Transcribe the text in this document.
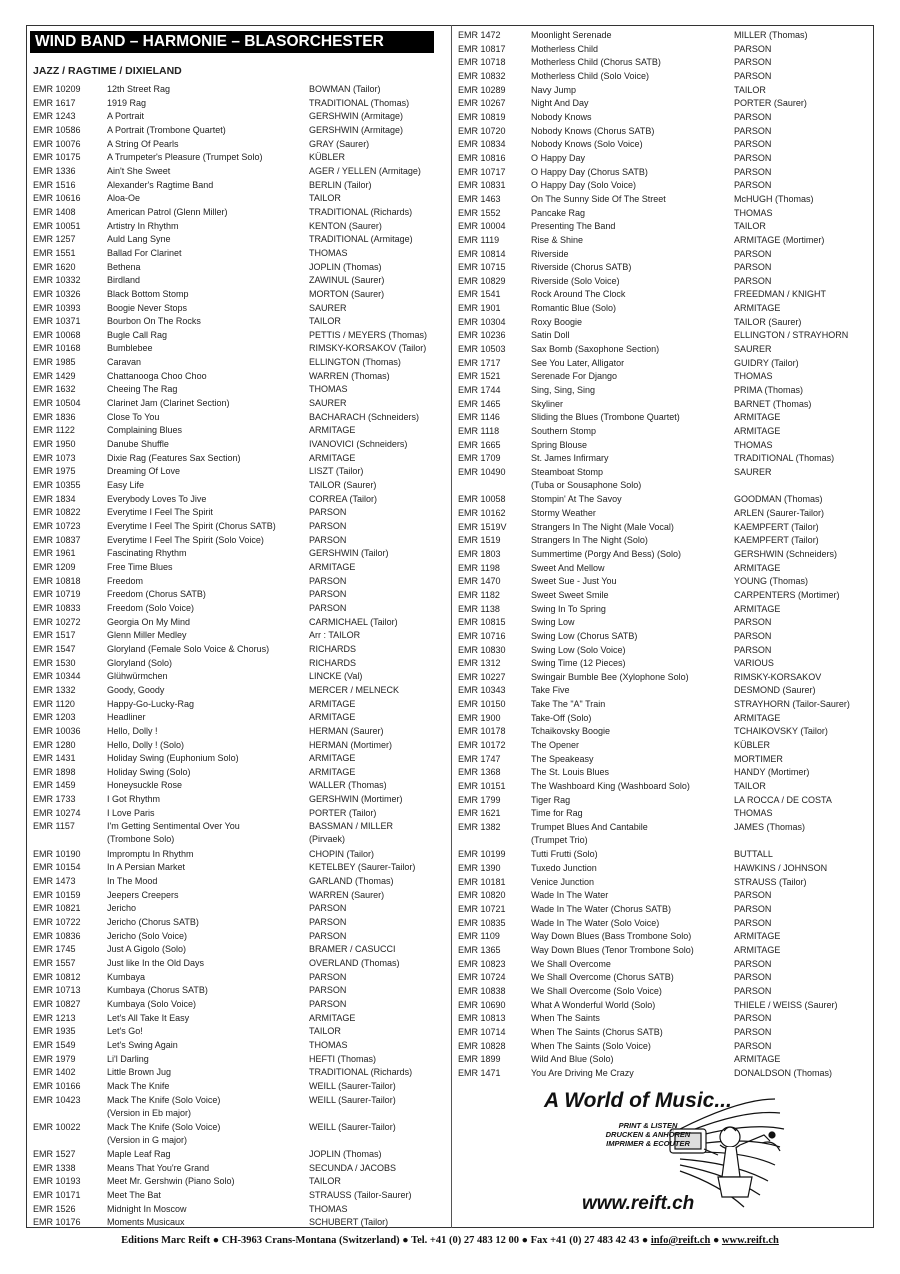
WIND BAND – HARMONIE – BLASORCHESTER
JAZZ / RAGTIME / DIXIELAND
EMR 10209	12th Street Rag	BOWMAN (Tailor)
EMR 1617	1919 Rag	TRADITIONAL (Thomas)
EMR 1243	A Portrait	GERSHWIN (Armitage)
EMR 10586	A Portrait (Trombone Quartet)	GERSHWIN (Armitage)
EMR 10076	A String Of Pearls	GRAY (Saurer)
EMR 10175	A Trumpeter's Pleasure (Trumpet Solo)	KÜBLER
EMR 1336	Ain't She Sweet	AGER / YELLEN (Armitage)
EMR 1516	Alexander's Ragtime Band	BERLIN (Tailor)
EMR 10616	Aloa-Oe	TAILOR
EMR 1408	American Patrol (Glenn Miller)	TRADITIONAL (Richards)
EMR 10051	Artistry In Rhythm	KENTON (Saurer)
EMR 1257	Auld Lang Syne	TRADITIONAL (Armitage)
EMR 1551	Ballad For Clarinet	THOMAS
EMR 1620	Bethena	JOPLIN (Thomas)
EMR 10332	Birdland	ZAWINUL (Saurer)
EMR 10326	Black Bottom Stomp	MORTON (Saurer)
EMR 10393	Boogie Never Stops	SAURER
EMR 10371	Bourbon On The Rocks	TAILOR
EMR 10068	Bugle Call Rag	PETTIS / MEYERS (Thomas)
EMR 10168	Bumblebee	RIMSKY-KORSAKOV (Tailor)
EMR 1985	Caravan	ELLINGTON (Thomas)
EMR 1429	Chattanooga Choo Choo	WARREN (Thomas)
EMR 1632	Cheeing The Rag	THOMAS
EMR 10504	Clarinet Jam (Clarinet Section)	SAURER
EMR 1836	Close To You	BACHARACH (Schneiders)
EMR 1122	Complaining Blues	ARMITAGE
EMR 1950	Danube Shuffle	IVANOVICI (Schneiders)
EMR 1073	Dixie Rag (Features Sax Section)	ARMITAGE
EMR 1975	Dreaming Of Love	LISZT (Tailor)
EMR 10355	Easy Life	TAILOR (Saurer)
EMR 1834	Everybody Loves To Jive	CORREA (Tailor)
EMR 10822	Everytime I Feel The Spirit	PARSON
EMR 10723	Everytime I Feel The Spirit (Chorus SATB)	PARSON
EMR 10837	Everytime I Feel The Spirit (Solo Voice)	PARSON
EMR 1961	Fascinating Rhythm	GERSHWIN (Tailor)
EMR 1209	Free Time Blues	ARMITAGE
EMR 10818	Freedom	PARSON
EMR 10719	Freedom (Chorus SATB)	PARSON
EMR 10833	Freedom (Solo Voice)	PARSON
EMR 10272	Georgia On My Mind	CARMICHAEL (Tailor)
EMR 1517	Glenn Miller Medley	Arr : TAILOR
EMR 1547	Gloryland (Female Solo Voice & Chorus)	RICHARDS
EMR 1530	Gloryland (Solo)	RICHARDS
EMR 10344	Glühwürmchen	LINCKE (Val)
EMR 1332	Goody, Goody	MERCER / MELNECK
EMR 1120	Happy-Go-Lucky-Rag	ARMITAGE
EMR 1203	Headliner	ARMITAGE
EMR 10036	Hello, Dolly !	HERMAN (Saurer)
EMR 1280	Hello, Dolly ! (Solo)	HERMAN (Mortimer)
EMR 1431	Holiday Swing (Euphonium Solo)	ARMITAGE
EMR 1898	Holiday Swing (Solo)	ARMITAGE
EMR 1459	Honeysuckle Rose	WALLER (Thomas)
EMR 1733	I Got Rhythm	GERSHWIN (Mortimer)
EMR 10274	I Love Paris	PORTER (Tailor)
EMR 1157	I'm Getting Sentimental Over You	BASSMAN / MILLER
(Trombone Solo)	(Pirvaek)
EMR 10190	Impromptu In Rhythm	CHOPIN (Tailor)
EMR 10154	In A Persian Market	KETELBEY (Saurer-Tailor)
EMR 1473	In The Mood	GARLAND (Thomas)
EMR 10159	Jeepers Creepers	WARREN (Saurer)
EMR 10821	Jericho	PARSON
EMR 10722	Jericho (Chorus SATB)	PARSON
EMR 10836	Jericho (Solo Voice)	PARSON
EMR 1745	Just A Gigolo (Solo)	BRAMER / CASUCCI
EMR 1557	Just like In the Old Days	OVERLAND (Thomas)
EMR 10812	Kumbaya	PARSON
EMR 10713	Kumbaya (Chorus SATB)	PARSON
EMR 10827	Kumbaya (Solo Voice)	PARSON
EMR 1213	Let's All Take It Easy	ARMITAGE
EMR 1935	Let's Go!	TAILOR
EMR 1549	Let's Swing Again	THOMAS
EMR 1979	Li'l Darling	HEFTI (Thomas)
EMR 1402	Little Brown Jug	TRADITIONAL (Richards)
EMR 10166	Mack The Knife	WEILL (Saurer-Tailor)
EMR 10423	Mack The Knife (Solo Voice)	WEILL (Saurer-Tailor)
(Version in Eb major)
EMR 10022	Mack The Knife (Solo Voice)	WEILL (Saurer-Tailor)
(Version in G major)
EMR 1527	Maple Leaf Rag	JOPLIN (Thomas)
EMR 1338	Means That You're Grand	SECUNDA / JACOBS
EMR 10193	Meet Mr. Gershwin (Piano Solo)	TAILOR
EMR 10171	Meet The Bat	STRAUSS (Tailor-Saurer)
EMR 1526	Midnight In Moscow	THOMAS
EMR 10176	Moments Musicaux	SCHUBERT (Tailor)
EMR 1472	Moonlight Serenade	MILLER (Thomas)
EMR 10817	Motherless Child	PARSON
EMR 10718	Motherless Child (Chorus SATB)	PARSON
EMR 10832	Motherless Child (Solo Voice)	PARSON
EMR 10289	Navy Jump	TAILOR
EMR 10267	Night And Day	PORTER (Saurer)
EMR 10819	Nobody Knows	PARSON
EMR 10720	Nobody Knows (Chorus SATB)	PARSON
EMR 10834	Nobody Knows (Solo Voice)	PARSON
EMR 10816	O Happy Day	PARSON
EMR 10717	O Happy Day (Chorus SATB)	PARSON
EMR 10831	O Happy Day (Solo Voice)	PARSON
EMR 1463	On The Sunny Side Of The Street	McHUGH (Thomas)
EMR 1552	Pancake Rag	THOMAS
EMR 10004	Presenting The Band	TAILOR
EMR 1119	Rise & Shine	ARMITAGE (Mortimer)
EMR 10814	Riverside	PARSON
EMR 10715	Riverside (Chorus SATB)	PARSON
EMR 10829	Riverside (Solo Voice)	PARSON
EMR 1541	Rock Around The Clock	FREEDMAN / KNIGHT
EMR 1901	Romantic Blue (Solo)	ARMITAGE
EMR 10304	Roxy Boogie	TAILOR (Saurer)
EMR 10236	Satin Doll	ELLINGTON / STRAYHORN
EMR 10503	Sax Bomb (Saxophone Section)	SAURER
EMR 1717	See You Later, Alligator	GUIDRY (Tailor)
EMR 1521	Serenade For Django	THOMAS
EMR 1744	Sing, Sing, Sing	PRIMA (Thomas)
EMR 1465	Skyliner	BARNET (Thomas)
EMR 1146	Sliding the Blues (Trombone Quartet)	ARMITAGE
EMR 1118	Southern Stomp	ARMITAGE
EMR 1665	Spring Blouse	THOMAS
EMR 1709	St. James Infirmary	TRADITIONAL (Thomas)
EMR 10490	Steamboat Stomp	SAURER
(Tuba or Sousaphone Solo)
EMR 10058	Stompin' At The Savoy	GOODMAN (Thomas)
EMR 10162	Stormy Weather	ARLEN (Saurer-Tailor)
EMR 1519V	Strangers In The Night (Male Vocal)	KAEMPFERT (Tailor)
EMR 1519	Strangers In The Night (Solo)	KAEMPFERT (Tailor)
EMR 1803	Summertime (Porgy And Bess) (Solo)	GERSHWIN (Schneiders)
EMR 1198	Sweet And Mellow	ARMITAGE
EMR 1470	Sweet Sue - Just You	YOUNG (Thomas)
EMR 1182	Sweet Sweet Smile	CARPENTERS (Mortimer)
EMR 1138	Swing In To Spring	ARMITAGE
EMR 10815	Swing Low	PARSON
EMR 10716	Swing Low (Chorus SATB)	PARSON
EMR 10830	Swing Low (Solo Voice)	PARSON
EMR 1312	Swing Time (12 Pieces)	VARIOUS
EMR 10227	Swingair Bumble Bee (Xylophone Solo)	RIMSKY-KORSAKOV
EMR 10343	Take Five	DESMOND (Saurer)
EMR 10150	Take The "A" Train	STRAYHORN (Tailor-Saurer)
EMR 1900	Take-Off (Solo)	ARMITAGE
EMR 10178	Tchaikovsky Boogie	TCHAIKOVSKY (Tailor)
EMR 10172	The Opener	KÜBLER
EMR 1747	The Speakeasy	MORTIMER
EMR 1368	The St. Louis Blues	HANDY (Mortimer)
EMR 10151	The Washboard King (Washboard Solo)	TAILOR
EMR 1799	Tiger Rag	LA ROCCA / DE COSTA
EMR 1621	Time for Rag	THOMAS
EMR 1382	Trumpet Blues And Cantabile	JAMES (Thomas)
(Trumpet Trio)
EMR 10199	Tutti Frutti (Solo)	BUTTALL
EMR 1390	Tuxedo Junction	HAWKINS / JOHNSON
EMR 10181	Venice Junction	STRAUSS (Tailor)
EMR 10820	Wade In The Water	PARSON
EMR 10721	Wade In The Water (Chorus SATB)	PARSON
EMR 10835	Wade In The Water (Solo Voice)	PARSON
EMR 1109	Way Down Blues (Bass Trombone Solo)	ARMITAGE
EMR 1365	Way Down Blues (Tenor Trombone Solo)	ARMITAGE
EMR 10823	We Shall Overcome	PARSON
EMR 10724	We Shall Overcome (Chorus SATB)	PARSON
EMR 10838	We Shall Overcome (Solo Voice)	PARSON
EMR 10690	What A Wonderful World (Solo)	THIELE / WEISS (Saurer)
EMR 10813	When The Saints	PARSON
EMR 10714	When The Saints (Chorus SATB)	PARSON
EMR 10828	When The Saints (Solo Voice)	PARSON
EMR 1899	Wild And Blue (Solo)	ARMITAGE
EMR 1471	You Are Driving Me Crazy	DONALDSON (Thomas)
A World of Music...
PRINT & LISTEN
DRUCKEN & ANHÖREN
IMPRIMER & ECOUTER
www.reift.ch
Editions Marc Reift ● CH-3963 Crans-Montana (Switzerland) ● Tel. +41 (0) 27 483 12 00 ● Fax +41 (0) 27 483 42 43 ● info@reift.ch ● www.reift.ch
